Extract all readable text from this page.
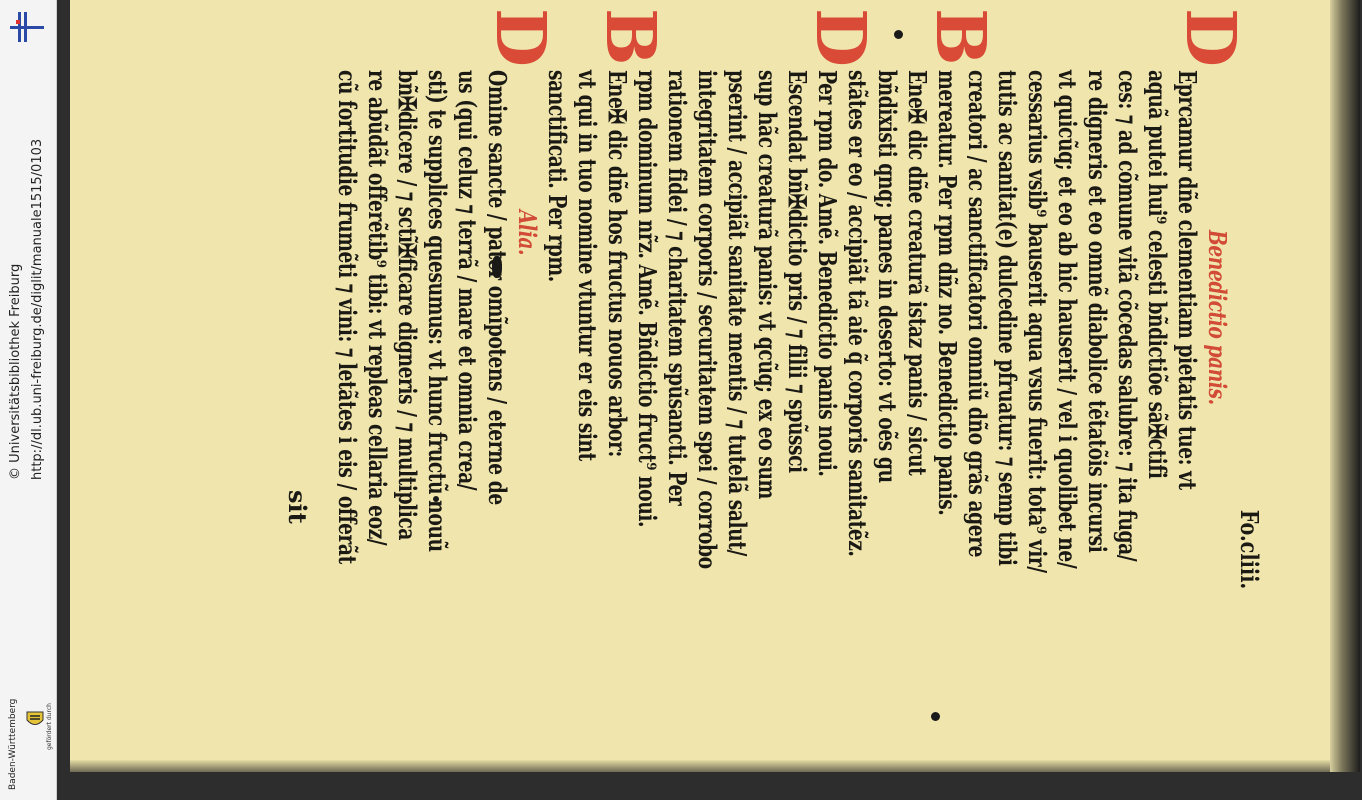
http://dl.ub.uni-freiburg.de/diglit/manuale1515/0103
© Universitätsbibliothek Freiburg
Baden-Württemberg	gefördert durch
Benedictio panis.
Eprcamur dñe clementiam pietatis tue: vt
aquã putei hui⁹ celesti bñdictiõe sã✠ctifi
ces: ⁊ ad cõmune vitã cõcedas salubre: ⁊ ita fuga/
re digneris et eo omnẽ diabolice tẽtatõis incursi
vt quicũq; et eo ab hic hauserit / vel i quolibet ne/
cessarius vsib⁹ bauserit aqua vsus fuerit: tota⁹ vir/
tutis ac sanitat(e) dulcedine pfruatur: ⁊ semp tibi
creatori / ac sanctificatori omniũ dño grãs agere
mereatur. Per rpm dñz no. Benedictio panis.
Ene✠ dic dñe creaturã istaz panis / sicut
bñdixisti qnq; panes in deserto: vt oẽs gu
stãtes er eo / accipiãt tã aie q̃ corporis sanitatẽz.
Per rpm do. Amẽ. Benedictio panis noui.
Escendat bñ✠dictio pris / ⁊ filii ⁊ spũssci
sup hãc creaturã panis: vt qcũq; ex eo sum
pserint / accipiãt sanitate mentis / ⁊ tutelã salut/
integritatem corporis / securitatem spei / corrobo
rationem fidei / ⁊ charitatem spũsancti. Per
rpm dominum nr̃z. Amẽ. Bñdictio fruct⁹ noui.
Ene✠ dic dñe hos fructus nouos arbor:
vt qui in tuo nomine vtuntur er eis sint
sanctificati. Per rpm.
Alia.
Omine sancte / pater omĩpotens / eterne de
us (qui celuz ⁊ terrã / mare et omnia crea/
sti) te supplices quesumus: vt hunc fructũ nouũ
bñ✠dicere / ⁊ sctĩ✠ficare digneris / ⁊ multiplica
re abũdãt offerẽtib⁹ tibi: vt repleas cellaria eoz/
cũ fortitudie frumẽti ⁊ vini: ⁊ letãtes i eis / offerãt	Fo.cliii.
sit
D
B
D
B
D
